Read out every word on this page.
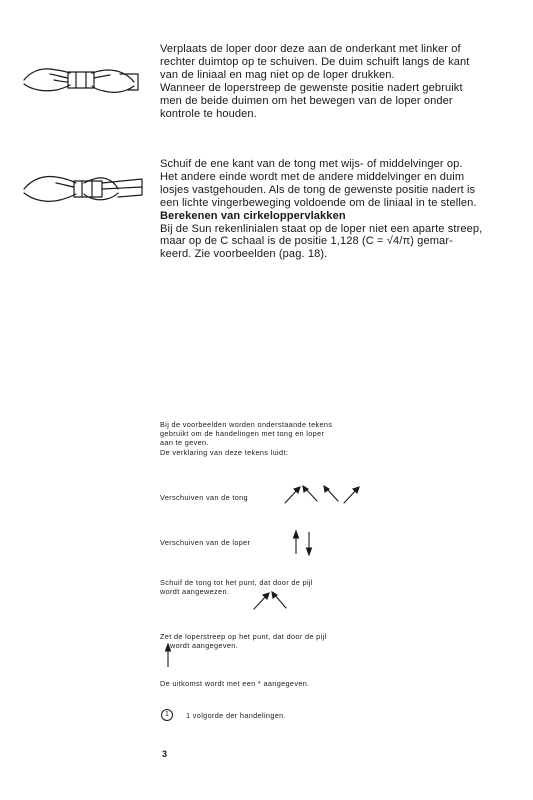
Verplaats de loper door deze aan de onderkant met linker of
rechter duimtop op te schuiven. De duim schuift langs de kant
van de liniaal en mag niet op de loper drukken.
Wanneer de loperstreep de gewenste positie nadert gebruikt
men de beide duimen om het bewegen van de loper onder
kontrole te houden.
Schuif de ene kant van de tong met wijs- of middelvinger op.
Het andere einde wordt met de andere middelvinger en duim
losjes vastgehouden. Als de tong de gewenste positie nadert is
een lichte vingerbeweging voldoende om de liniaal in te stellen.
Berekenen van cirkeloppervlakken
Bij de Sun rekenlinialen staat op de loper niet een aparte streep,
maar op de C schaal is de positie 1,128 (C = √4/π) gemar-
keerd. Zie voorbeelden (pag. 18).
Bij de voorbeelden worden onderstaande tekens
gebruikt om de handelingen met tong en loper
aan te geven.
De verklaring van deze tekens luidt:
Verschuiven van de tong
Verschuiven van de loper
Schuif de tong tot het punt, dat door de pijl
wordt aangewezen.
Zet de loperstreep op het punt, dat door de pijl
wordt aangegeven.
De uitkomst wordt met een * aangegeven.
1	1 volgorde der handelingen.
3
